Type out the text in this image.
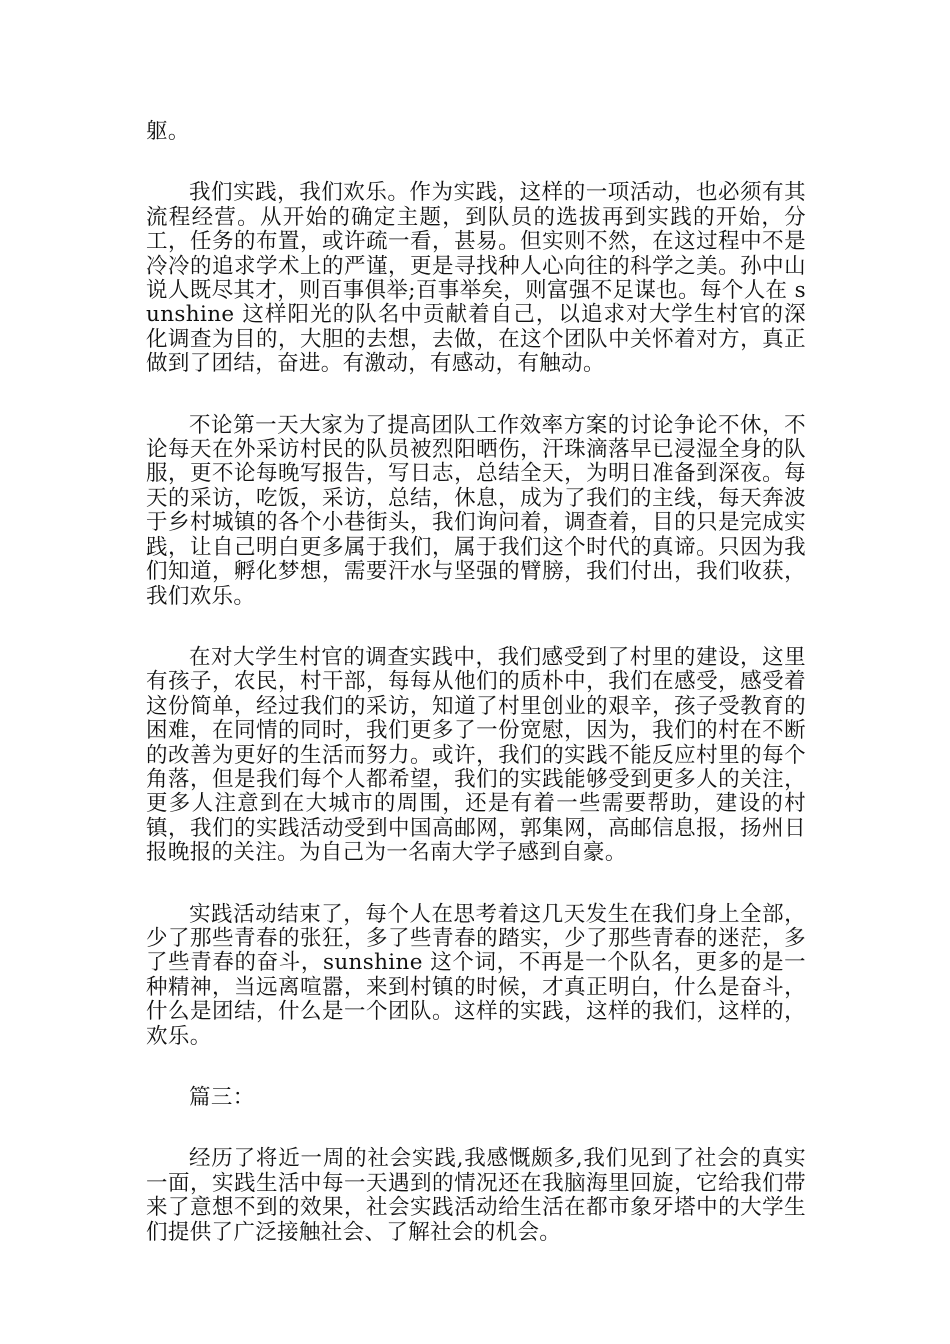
躯。

我们实践，我们欢乐。作为实践，这样的一项活动，也必须有其流程经营。从开始的确定主题，到队员的选拔再到实践的开始，分工，任务的布置，或许疏一看，甚易。但实则不然，在这过程中不是冷冷的追求学术上的严谨，更是寻找种人心向往的科学之美。孙中山说人既尽其才，则百事俱举;百事举矣，则富强不足谋也。每个人在 sunshine 这样阳光的队名中贡献着自己，以追求对大学生村官的深化调查为目的，大胆的去想，去做，在这个团队中关怀着对方，真正做到了团结，奋进。有激动，有感动，有触动。

不论第一天大家为了提高团队工作效率方案的讨论争论不休，不论每天在外采访村民的队员被烈阳晒伤，汗珠滴落早已浸湿全身的队服，更不论每晚写报告，写日志，总结全天，为明日准备到深夜。每天的采访，吃饭，采访，总结，休息，成为了我们的主线，每天奔波于乡村城镇的各个小巷街头，我们询问着，调查着，目的只是完成实践，让自己明白更多属于我们，属于我们这个时代的真谛。只因为我们知道，孵化梦想，需要汗水与坚强的臂膀，我们付出，我们收获，我们欢乐。

在对大学生村官的调查实践中，我们感受到了村里的建设，这里有孩子，农民，村干部，每每从他们的质朴中，我们在感受，感受着这份简单，经过我们的采访，知道了村里创业的艰辛，孩子受教育的困难，在同情的同时，我们更多了一份宽慰，因为，我们的村在不断的改善为更好的生活而努力。或许，我们的实践不能反应村里的每个角落，但是我们每个人都希望，我们的实践能够受到更多人的关注，更多人注意到在大城市的周围，还是有着一些需要帮助，建设的村镇，我们的实践活动受到中国高邮网，郭集网，高邮信息报，扬州日报晚报的关注。为自己为一名南大学子感到自豪。

实践活动结束了，每个人在思考着这几天发生在我们身上全部，少了那些青春的张狂，多了些青春的踏实，少了那些青春的迷茫，多了些青春的奋斗，sunshine 这个词，不再是一个队名，更多的是一种精神，当远离喧嚣，来到村镇的时候，才真正明白，什么是奋斗，什么是团结，什么是一个团队。这样的实践，这样的我们，这样的，欢乐。

篇三：

经历了将近一周的社会实践,我感慨颇多,我们见到了社会的真实一面，实践生活中每一天遇到的情况还在我脑海里回旋，它给我们带来了意想不到的效果，社会实践活动给生活在都市象牙塔中的大学生们提供了广泛接触社会、了解社会的机会。
